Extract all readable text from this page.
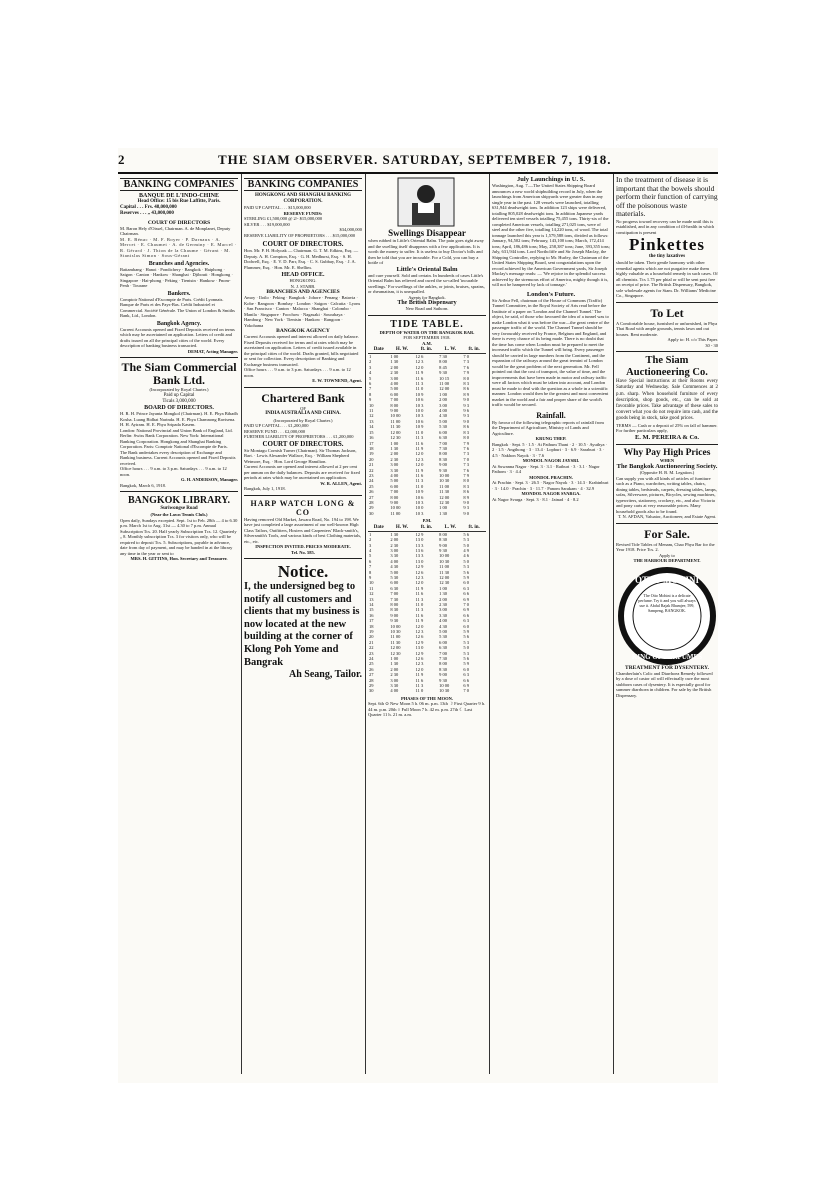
2	THE SIAM OBSERVER. SATURDAY, SEPTEMBER 7, 1918.
BANKING COMPANIES
BANQUE DE L'INDO-CHINE
Head Office: 15 bis Rue Laffitte, Paris.
Capital . . . Frs. 48,000,000
Reserves . . . „ 43,000,000
COURT OF DIRECTORS
M. Baron Hely d'Oissel, Chairman. A. de Monplanet, Deputy Chairman.
M. E. Bénac · M. F. Boyer · P. Darnaux · A. Mercet · E. Chaumet · A. de Germiny · E. Marcel · R. Gérard · J. Thion de la Chaume · Gérant · M. Stanislas Simon · Sous-Gérant
Branches and Agencies.
Battambang · Hanoi · Pondichery · Bangkok · Haiphong · Saigon · Canton · Hankow · Shanghai · Djibouti · Hongkong · Singapore · Hai-phong · Peking · Tientsin · Hankow · Pnom-Penh · Tourane
Bankers.
Comptoir National d'Escompte de Paris. Crédit Lyonnais. Banque de Paris et des Pays-Bas. Crédit Industriel et Commercial. Société Générale. The Union of London & Smiths Bank, Ltd., London.
Bangkok Agency.
Current Accounts opened and Fixed Deposits received on terms which may be ascertained on application. Letters of credit and drafts issued on all the principal cities of the world. Every description of banking business transacted.
DEMAT, Acting Manager.
The Siam Commercial Bank Ltd.
(Incorporated by Royal Charter.)
Paid up Capital
Ticals 3,000,000
BOARD OF DIRECTORS.
H. R. H. Prince Jayanta Mongkol (Chairman). H. E. Phya Bibadh Kosha. Luang Bidhat Narinda. H. E. Phya Chamnong Ravisena. H. H. Ayiram. H. E. Phya Sripada Kasem.
London: National Provincial and Union Bank of England, Ltd. Berlin: Swiss Bank Corporation. New York: International Banking Corporation. Hongkong and Shanghai Banking Corporation. Paris: Comptoir National d'Escompte de Paris.
The Bank undertakes every description of Exchange and Banking business. Current Accounts opened and Fixed Deposits received.
Office hours . . . 9 a.m. to 3 p.m. Saturdays . . . 9 a.m. to 12 noon.
G. H. ANDERSON, Manager.
Bangkok, March 6, 1918.
BANGKOK LIBRARY.
Suriwongse Road
(Near the Lawn Tennis Club.)
Open daily, Sundays excepted. Sept. 1st to Feb. 28th — 4 to 6.30 p.m. March 1st to Aug. 31st — 4.30 to 7 p.m. Annual Subscription Tcs. 20. Half yearly Subscription Tcs. 12. Quarterly „ 8. Monthly subscription Tcs. 3 for visitors only, who will be required to deposit Tcs. 5. Subscriptions, payable in advance, date from day of payment, and may be handed in at the library any time in the year or sent to
MRS. H. GITTINS, Hon. Secretary and Treasurer.
BANKING COMPANIES
HONGKONG AND SHANGHAI BANKING CORPORATION.
PAID UP CAPITAL . . . $15,000,000
RESERVE FUNDS:
STERLING £1,500,000 @ 2/- $15,000,000
SILVER . . . $19,000,000
$34,000,000
RESERVE LIABILITY OF PROPRIETORS . . . $15,000,000
COURT OF DIRECTORS.
Hon. Mr. P. H. Holyoak — Chairman. G. T. M. Edkins, Esq. — Deputy. A. H. Compton, Esq. · G. H. Medhurst, Esq. · S. H. Dodwell, Esq. · E. V. D. Parr, Esq. · C. S. Gubbay, Esq. · J. A. Plummer, Esq. · Hon. Mr. E. Shellim.
HEAD OFFICE.
HONGKONG.
N. J. STABB.
BRANCHES AND AGENCIES
Amoy · Iloilo · Peking · Bangkok · Johore · Penang · Batavia · Kobe · Rangoon · Bombay · London · Saigon · Calcutta · Lyons · San Francisco · Canton · Malacca · Shanghai · Colombo · Manila · Singapore · Foochow · Nagasaki · Sourabaya · Hamburg · New York · Tientsin · Hankow · Rangoon · Yokohama
BANGKOK AGENCY
Current Accounts opened and interest allowed on daily balance. Fixed Deposits received for terms and at rates which may be ascertained on application. Letters of credit issued available in the principal cities of the world. Drafts granted, bills negotiated or sent for collection. Every description of Banking and Exchange business transacted.
Office hours . . . 9 a.m. to 3 p.m. Saturdays . . . 9 a.m. to 12 noon.
E. W. TOWNEND, Agent.
Chartered Bank
OF
INDIA AUSTRALIA AND CHINA.
(Incorporated by Royal Charter.)
PAID UP CAPITAL . . . £1,200,000
RESERVE FUND . . . £2,000,000
FURTHER LIABILITY OF PROPRIETORS . . . £1,200,000
COURT OF DIRECTORS.
Sir Montagu Cornish Turner (Chairman). Sir Thomas Jackson, Bart. · Lewis Alexander Wallace, Esq. · William Shepherd Wetmore, Esq. · Hon. Lord George Hamilton.
Current Accounts are opened and interest allowed at 2 per cent per annum on the daily balances. Deposits are received for fixed periods at rates which may be ascertained on application.
W. R. ALLEN, Agent.
Bangkok, July 1, 1918.
HARP WATCH LONG & CO
Having removed Old Market, Jawara Road, No. 194 to 198. We have just completed a large assortment of our well-known High Class Tailors, Outfitters, Hosiers and Carpenters' Black-smith's, Silversmith's Tools, and various kinds of best Clothing materials, etc., etc.
INSPECTION INVITED. PRICES MODERATE.
Tel. No. 585.
Notice.
I, the undersigned beg to notify all customers and clients that my business is now located at the new building at the corner of Klong Poh Yome and Bangrak
Ah Seang, Tailor.
Swellings Disappear
when rubbed in Little's Oriental Balm. The pain goes right away and the swelling itself disappears with a few applications. It is worth the money to suffer. It is useless to buy Doctor's bills and then be told that you are incurable. For a Cold, you can buy a bottle of
Little's Oriental Balm
and cure yourself. Sold and certain. In hundreds of cases Little's Oriental Balm has relieved and cured the so-called 'incurable swellings.' For swellings of the ankles, or joints, bruises, sprains, or rheumatism, it is unequalled.
Agents for Bangkok.
The British Dispensary
New Road and Sathorn.
TIDE TABLE.
DEPTH OF WATER ON THE BANGKOK BAR.
FOR SEPTEMBER 1918.
A.M.
Date	H. W.	ft. in.	L. W.	ft. in.
1	1 00	12 6	7 30	7 0
2	1 30	12 3	8 00	7 3
3	2 00	12 0	8 45	7 6
4	2 30	11 9	9 30	7 9
5	3 00	11 6	10 15	8 0
6	4 00	11 3	11 00	8 3
7	5 00	11 0	12 00	8 6
8	6 00	10 9	1 00	8 9
9	7 00	10 6	2 00	9 0
10	8 00	10 3	3 00	9 3
11	9 00	10 0	4 00	9 6
12	10 00	10 3	4 30	9 3
13	11 00	10 6	5 00	9 0
14	11 30	10 9	5 30	8 6
15	12 00	11 0	6 00	8 3
16	12 30	11 3	6 30	8 0
17	1 00	11 6	7 00	7 9
18	1 30	11 9	7 30	7 6
19	2 00	12 0	8 00	7 3
20	2 30	12 3	8 30	7 0
21	3 00	12 0	9 00	7 3
22	3 30	11 9	9 30	7 6
23	4 00	11 6	10 00	7 9
24	5 00	11 3	10 30	8 0
25	6 00	11 0	11 00	8 3
26	7 00	10 9	11 30	8 6
27	8 00	10 6	12 00	8 9
28	9 00	10 3	12 30	9 0
29	10 00	10 0	1 00	9 3
30	11 00	10 3	1 30	9 0
P.M.
Date	H. W.	ft. in.	L. W.	ft. in.
1	1 30	12 9	8 00	5 6
2	2 00	13 0	8 30	5 3
3	2 30	13 3	9 00	5 0
4	3 00	13 6	9 30	4 9
5	3 30	13 3	10 00	4 6
6	4 00	13 0	10 30	5 0
7	4 30	12 9	11 00	5 3
8	5 00	12 6	11 30	5 6
9	5 30	12 3	12 00	5 9
10	6 00	12 0	12 30	6 0
11	6 30	11 9	1 00	6 3
12	7 00	11 6	1 30	6 6
13	7 30	11 3	2 00	6 9
14	8 00	11 0	2 30	7 0
15	8 30	11 3	3 00	6 9
16	9 00	11 6	3 30	6 6
17	9 30	11 9	4 00	6 3
18	10 00	12 0	4 30	6 0
19	10 30	12 3	5 00	5 9
20	11 00	12 6	5 30	5 6
21	11 30	12 9	6 00	5 3
22	12 00	13 0	6 30	5 0
23	12 30	12 9	7 00	5 3
24	1 00	12 6	7 30	5 6
25	1 30	12 3	8 00	5 9
26	2 00	12 0	8 30	6 0
27	2 30	11 9	9 00	6 3
28	3 00	11 6	9 30	6 6
29	3 30	11 3	10 00	6 9
30	4 00	11 0	10 30	7 0
PHASES OF THE MOON.
Sept. 6th ⊙ New Moon 5 h. 06 m. p.m. 13th ☽ First Quarter 9 h. 44 m. p.m. 20th ○ Full Moon 7 h. 42 m. p.m. 27th ☾ Last Quarter 11 h. 21 m. a.m.
July Launchings in U. S.
Washington, Aug. 7.—The United States Shipping Board announces a new world shipbuilding record in July, when the launchings from American shipyards were greater than in any single year in the past. 128 vessels were launched, totalling 631,944 deadweight tons. In addition 123 ships were delivered, totalling 805,028 deadweight tons. In addition Japanese yards delivered ten steel vessels totalling 75,455 tons. Thirty-six of the completed American vessels, totalling 271,025 tons, were of steel and the other five, totalling 14,220 tons, of wood. The total tonnage launched this year is 1,579,588 tons, divided as follows: January, 94,502 tons; February, 143,100 tons; March, 172,414 tons; April, 186,486 tons; May, 258,387 tons; June, 393,355 tons; July, 631,944 tons. Lord Northcliffe and Sir Joseph Maclay, the Shipping Controller, replying to Mr. Hurley, the Chairman of the United States Shipping Board, sent congratulations upon the record achieved by the American Government yards, Sir Joseph Maclay's message reads: — 'We rejoice in the splendid success achieved by the strenuous effort of America, mighty though it is, will not be hampered by lack of tonnage.'
London's Future.
Sir Arthur Fell, chairman of the House of Commons (Traffic) Tunnel Committee, in the Royal Society of Arts read before the Institute of a paper on 'London and the Channel Tunnel.' The object, he said, of those who favoured the idea of a tunnel was to make London what it was before the war—the great centre of the passenger traffic of the world. The Channel Tunnel should be very favourably received by France, Belgium and England, and there is every chance of its being made. There is no doubt that the time has come when London must be prepared to meet the increased traffic which the Tunnel will bring. Every passenger should be carried in large numbers from the Continent, and the expansion of the railways around the great termini of London would be the great problem of the next generation. Mr. Fell pointed out that the cost of transport, the value of time, and the improvements that have been made in motor and railway traffic were all factors which must be taken into account, and London must be made to deal with the question as a whole in a scientific manner. London would then be the greatest and most convenient market in the world and a fair and proper share of the world's traffic would be secured.
Rainfall.
By favour of the following telegraphic reports of rainfall from the Department of Agriculture, Ministry of Lands and Agriculture.
KRUNG THEP.
Bangkok · Sept. 5 · 1.5 · At Pathum Thani · 2 · 10.5 · Ayuthya · 2 · 1.5 · Angthong · 3 · 13.4 · Lopburi · 3 · 6.9 · Saraburi · 3 · 4.5 · Nakhon Nayok · 3 · 7.6
MONDOL NAGOR JAYSRI.
At Suwanna Nagor · Sept. 3 · 3.1 · Ratburi · 3 · 3.1 · Nagor Pathom · 3 · 4.4
MONDOL PRACHIN.
At Prachin · Sept. 3 · 26.5 · Nagor Nayok · 3 · 14.3 · Krabinburi · 3 · 14.0 · Prachin · 3 · 11.7 · Panom Sarakam · 4 · 32.9
MONDOL NAGOR SVARGA.
At Nagor Svarga · Sept. 3 · 8.1 · Jainad · 4 · 8.2
In the treatment of disease it is important that the bowels should perform their function of carrying off the poisonous waste materials.
No progress toward recovery can be made until this is established, and in any condition of ill-health in which constipation is present
Pinkettes
the tiny laxatives
should be taken. Their gentle harmony with other remedial agents which are not purgative make them highly valuable as a household remedy in such cases. Of all chemists. Tcs 1.75 per phial or will be sent post free on receipt of price. The British Dispensary, Bangkok, sole wholesale agents for Siam. Dr. Williams' Medicine Co., Singapore.
To Let
A Comfortable house, furnished or unfurnished, in Phya Thai Road with ample grounds, tennis lawn and out houses. Rent moderate.
Apply to: H. c/o This Paper.
30 - 30
The Siam Auctioneering Co.
Have Special instructions at their Rooms every Saturday and Wednesday. Sale Commences at 2 p.m. sharp. When household furniture of every description, shop goods, etc., can be sold at favorable prices. Take advantage of these sales to convert what you do not require into cash, and the goods being in stock, take good prices.
TERMS — Cash or a deposit of 25% on fall of hammer.
For further particulars apply,
E. M. PEREIRA & Co.
Why Pay High Prices
WHEN
The Bangkok Auctioneering Society.
(Opposite H. B. M. Legation.)
Can supply you with all kinds of articles of furniture such as a Piano, wardrobes, writing tables, chairs, dining tables, bedsteads, carpets, dressing tables, lamps, sofas, Silverware, pictures, Bicycles, sewing machines, typewriters, stationery, crockery, etc., and also Victoria and pony carts at very reasonable prices. Many household goods also to be found.
T. N. AFDAN, Valuator, Auctioneer, and Estate Agent.
For Sale.
Revised Tide Tables of Menam, Chao Phya Bar for the Year 1918. Price Tcs. 2.
Apply to
THE HARBOUR DEPARTMENT.
OTTO MOHINI
KING OF PERFUMES
The Otto Mohini is a delicate perfume. Try it and you will always use it. Abdul Rajak Bhamjee, 599, Sampeng, BANGKOK.
TREATMENT FOR DYSENTERY.
Chamberlain's Colic and Diarrhoea Remedy followed by a dose of castor oil will effectually cure the most stubborn cases of dysentery. It is especially good for summer diarrhoea in children. For sale by the British Dispensary.
